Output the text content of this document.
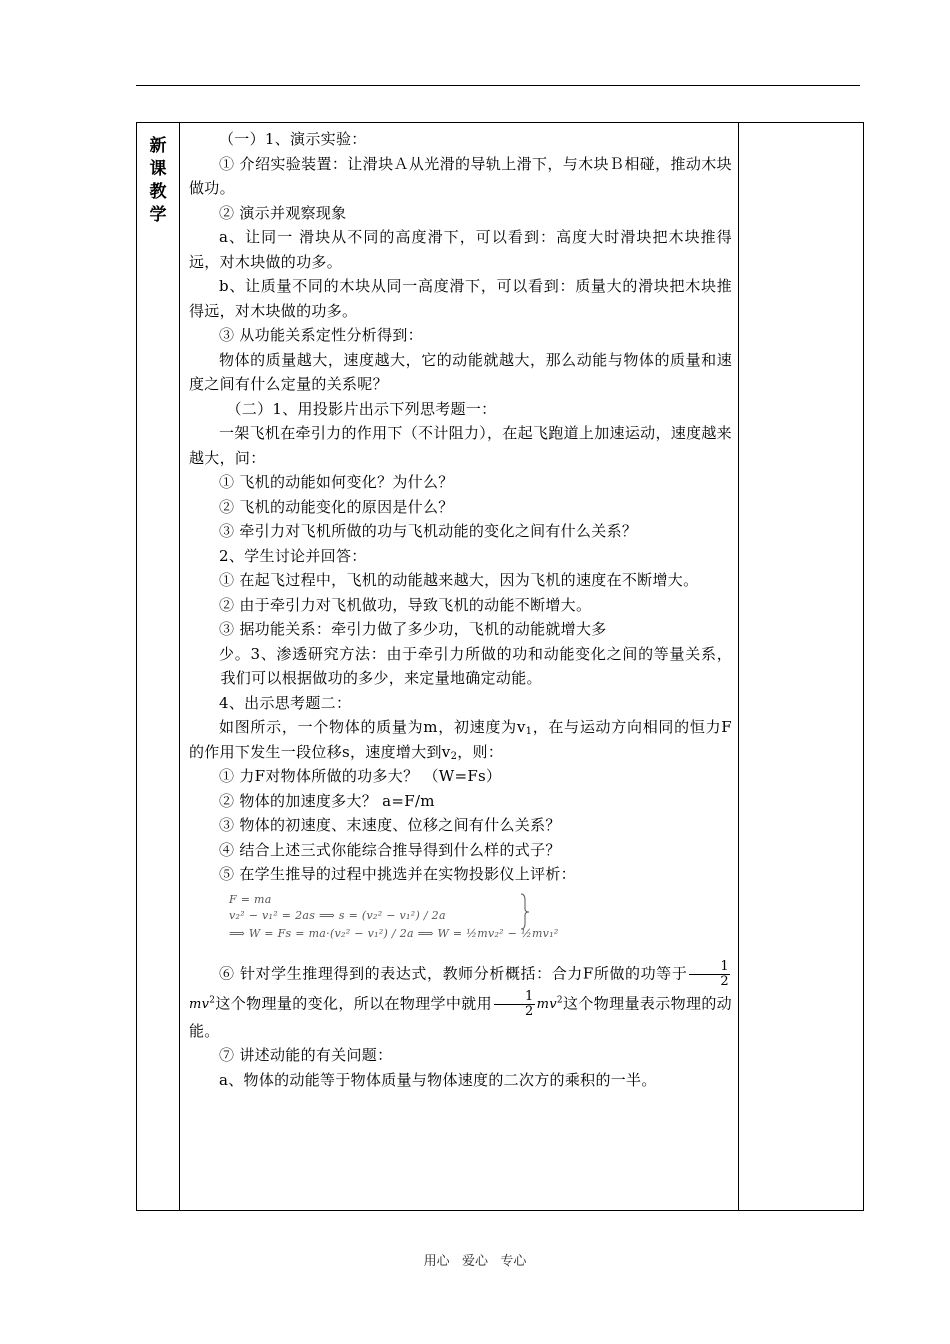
新课教学

（一）1、演示实验：

① 介绍实验装置：让滑块Ａ从光滑的导轨上滑下，与木块Ｂ相碰，推动木块做功。

② 演示并观察现象

a、让同一 滑块从不同的高度滑下，可以看到：高度大时滑块把木块推得远，对木块做的功多。

b、让质量不同的木块从同一高度滑下，可以看到：质量大的滑块把木块推得远，对木块做的功多。

③ 从功能关系定性分析得到：

物体的质量越大，速度越大，它的动能就越大，那么动能与物体的质量和速度之间有什么定量的关系呢？

（二）1、用投影片出示下列思考题一：

一架飞机在牵引力的作用下（不计阻力），在起飞跑道上加速运动，速度越来越大，问：

① 飞机的动能如何变化？为什么？

② 飞机的动能变化的原因是什么？

③ 牵引力对飞机所做的功与飞机动能的变化之间有什么关系？

2、学生讨论并回答：

① 在起飞过程中，飞机的动能越来越大，因为飞机的速度在不断增大。

② 由于牵引力对飞机做功，导致飞机的动能不断增大。

③ 据功能关系：牵引力做了多少功，飞机的动能就增大多

少。3、渗透研究方法：由于牵引力所做的功和动能变化之间的等量关系，我们可以根据做功的多少，来定量地确定动能。

4、出示思考题二：

如图所示，一个物体的质量为m，初速度为$v_1$，在与运动方向相同的恒力F的作用下发生一段位移s，速度增大到$v_2$，则：

① 力F对物体所做的功多大？ （W=Fs）

② 物体的加速度多大？ a=F/m

③ 物体的初速度、末速度、位移之间有什么关系？

④ 结合上述三式你能综合推导得到什么样的式子？

⑤ 在学生推导的过程中挑选并在实物投影仪上评析：

F = ma
v₂² − v₁² = 2as ⟹ s = (v₂² − v₁²) / 2a
⟹ W = Fs = ma·(v₂² − v₁²) / 2a ⟹ W = ½mv₂² − ½mv₁²

⑥ 针对学生推理得到的表达式，教师分析概括：合力F所做的功等于 $\frac{1}{2}$
$mv^2$这个物理量的变化，所以在物理学中就用 $\frac{1}{2} mv^2$这个物理量表示物理的动能。

⑦ 讲述动能的有关问题：

a、物体的动能等于物体质量与物体速度的二次方的乘积的一半。

用心   爱心   专心
